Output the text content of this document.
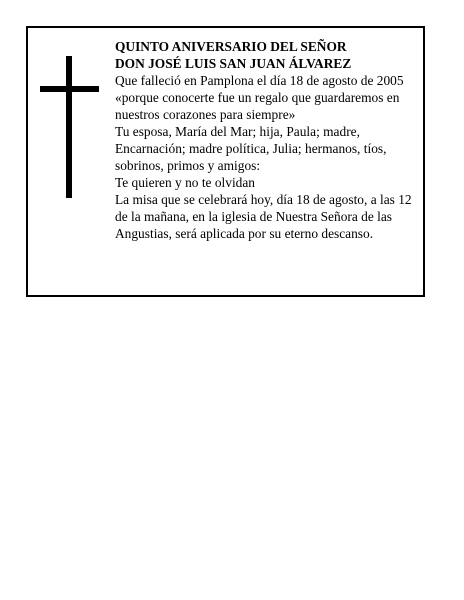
QUINTO ANIVERSARIO DEL SEÑOR

DON JOSÉ LUIS SAN JUAN ÁLVAREZ

Que falleció en Pamplona el día 18 de agosto de 2005

«porque conocerte fue un regalo que guardaremos en nuestros corazones para siempre»

Tu esposa, María del Mar; hija, Paula; madre, Encarnación; madre política, Julia; hermanos, tíos, sobrinos, primos y amigos:

Te quieren y no te olvidan

La misa que se celebrará hoy, día 18 de agosto, a las 12 de la mañana, en la iglesia de Nuestra Señora de las Angustias, será aplicada por su eterno descanso.
